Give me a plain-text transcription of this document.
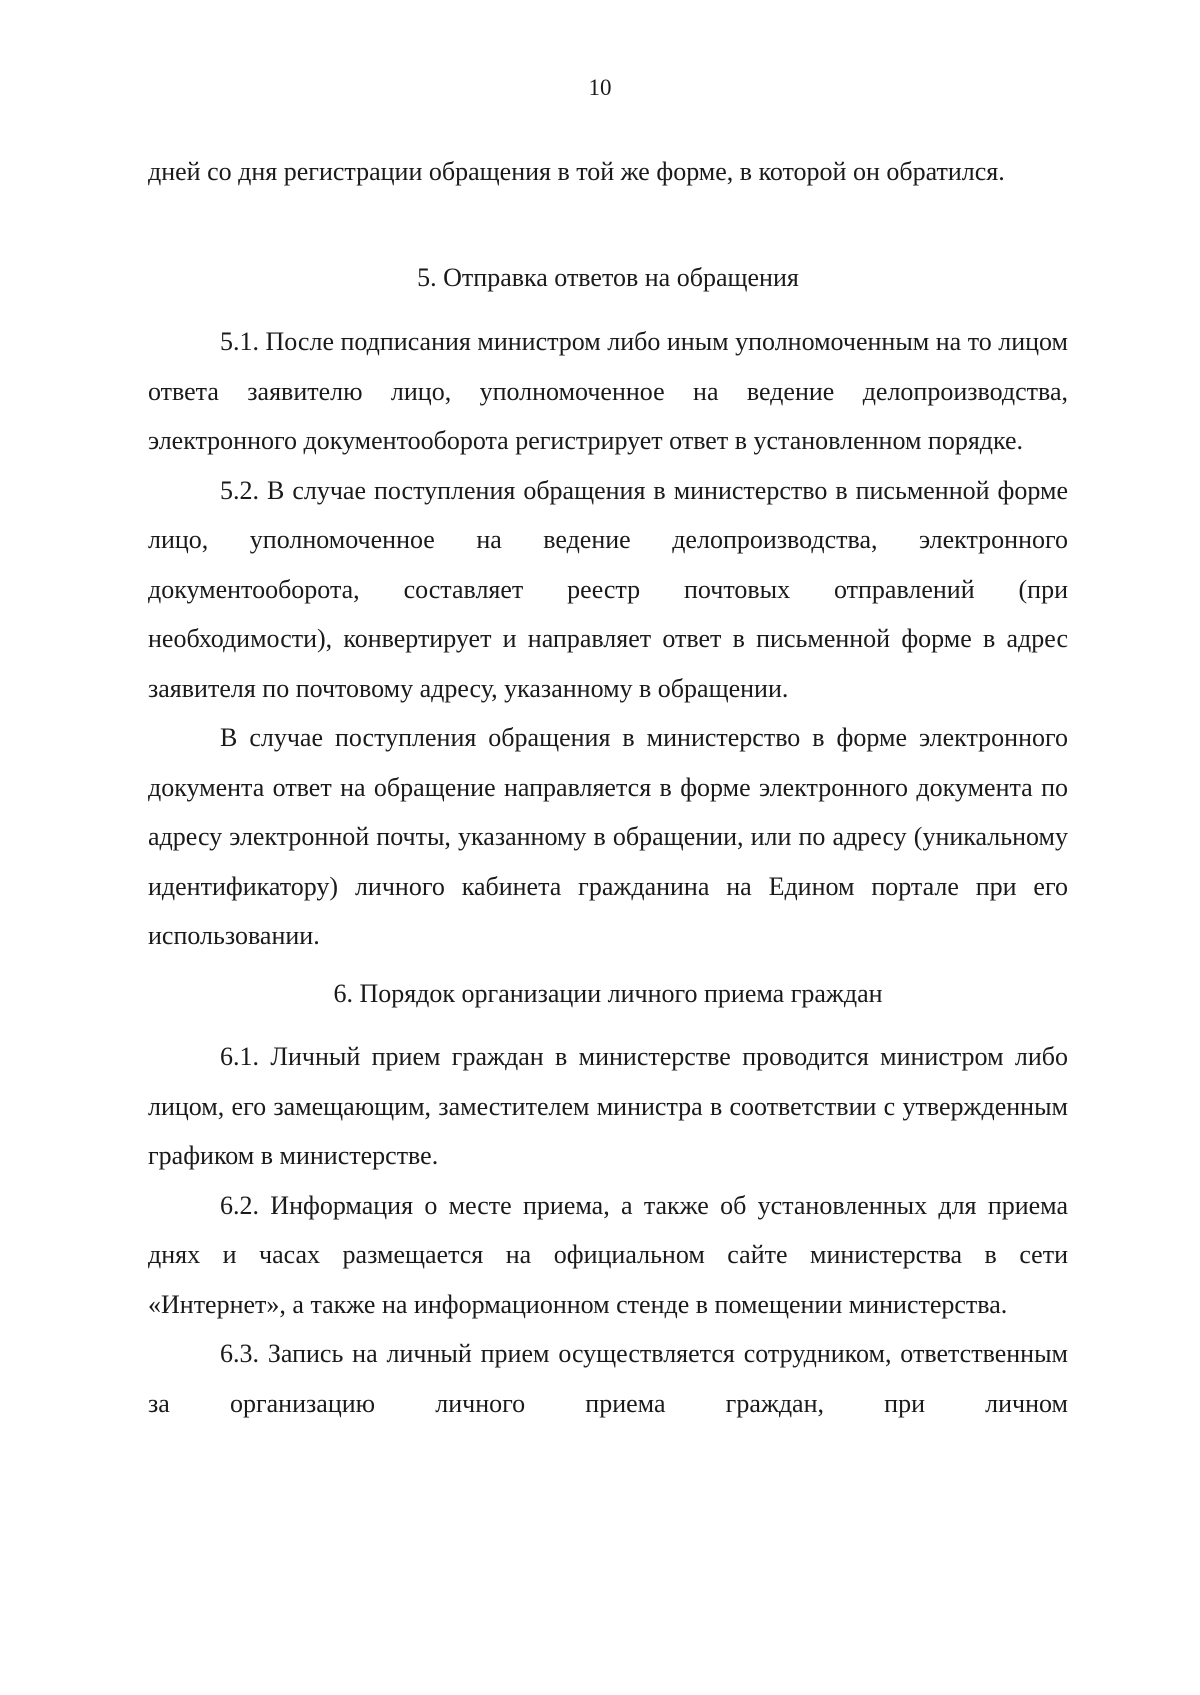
10

дней со дня регистрации обращения в той же форме, в которой он обратился.

5. Отправка ответов на обращения

5.1. После подписания министром либо иным уполномоченным на то лицом ответа заявителю лицо, уполномоченное на ведение делопроизводства, электронного документооборота регистрирует ответ в установленном порядке.

5.2. В случае поступления обращения в министерство в письменной форме лицо, уполномоченное на ведение делопроизводства, электронного документооборота, составляет реестр почтовых отправлений (при необходимости), конвертирует и направляет ответ в письменной форме в адрес заявителя по почтовому адресу, указанному в обращении.

В случае поступления обращения в министерство в форме электронного документа ответ на обращение направляется в форме электронного документа по адресу электронной почты, указанному в обращении, или по адресу (уникальному идентификатору) личного кабинета гражданина на Едином портале при его использовании.

6. Порядок организации личного приема граждан

6.1. Личный прием граждан в министерстве проводится министром либо лицом, его замещающим, заместителем министра в соответствии с утвержденным графиком в министерстве.

6.2. Информация о месте приема, а также об установленных для приема днях и часах размещается на официальном сайте министерства в сети «Интернет», а также на информационном стенде в помещении министерства.

6.3. Запись на личный прием осуществляется сотрудником, ответственным за организацию личного приема граждан, при личном
